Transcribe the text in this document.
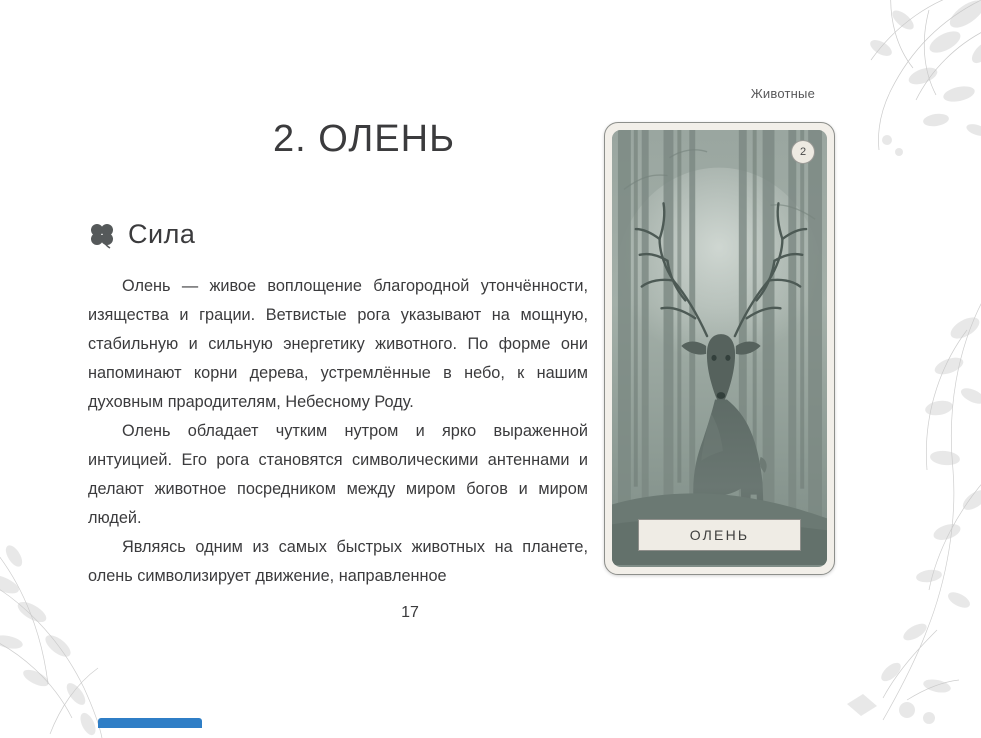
Животные
2. ОЛЕНЬ
Сила

Олень — живое воплощение благородной утончённости, изящества и грации. Ветвистые рога указывают на мощную, стабильную и сильную энергетику животного. По форме они напоминают корни дерева, устремлённые в небо, к нашим духовным прародителям, Небесному Роду.

Олень обладает чутким нутром и ярко выраженной интуицией. Его рога становятся символическими антеннами и делают животное посредником между миром богов и миром людей.

Являясь одним из самых быстрых животных на планете, олень символизирует движение, направленное

17
2
ОЛЕНЬ
